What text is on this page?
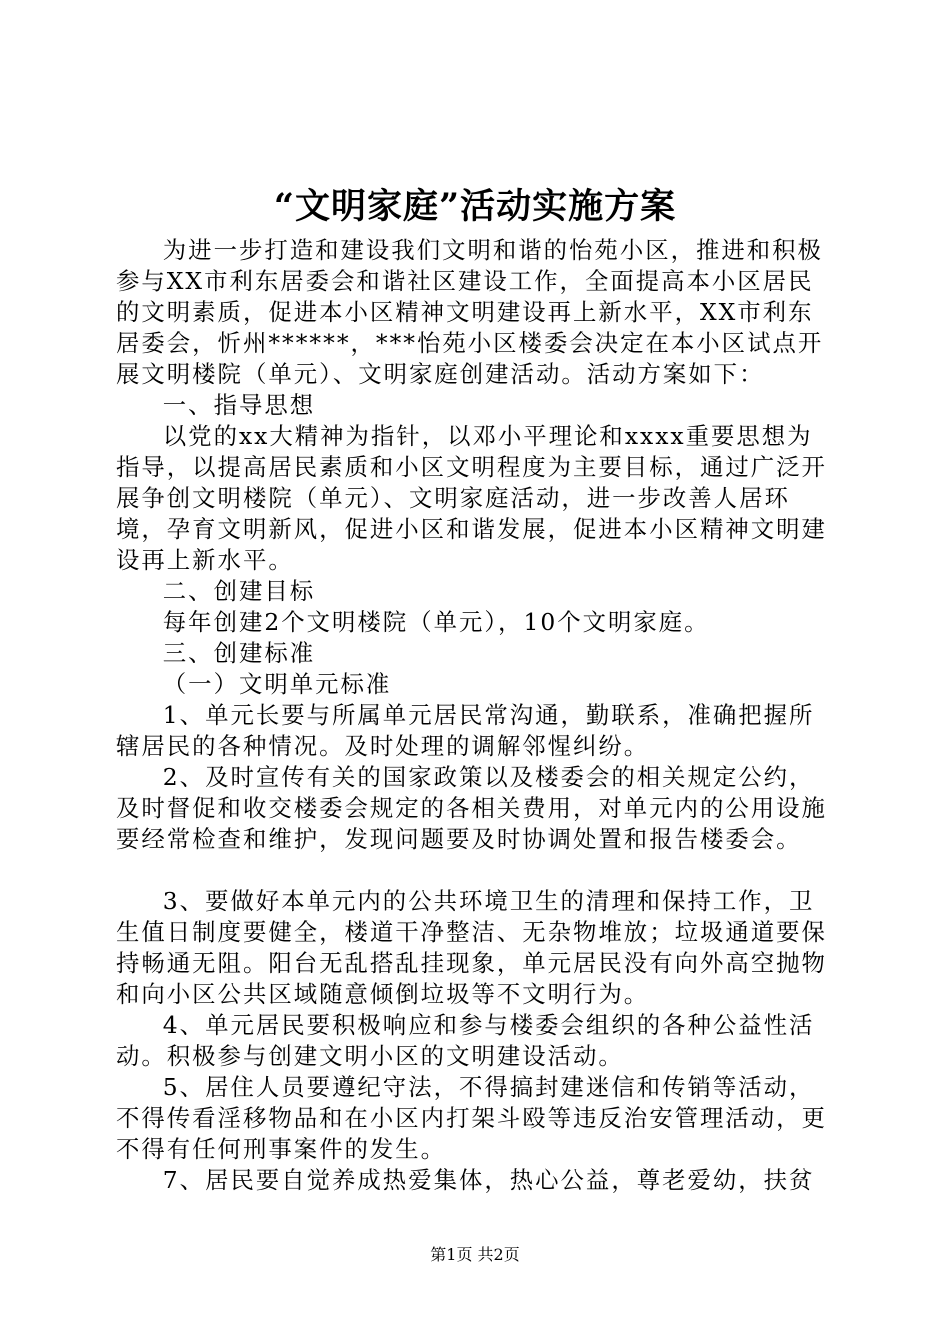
“文明家庭”活动实施方案

为进一步打造和建设我们文明和谐的怡苑小区，推进和积极参与XX市利东居委会和谐社区建设工作，全面提高本小区居民的文明素质，促进本小区精神文明建设再上新水平，XX市利东居委会，忻州******，***怡苑小区楼委会决定在本小区试点开展文明楼院（单元）、文明家庭创建活动。活动方案如下：

一、指导思想

以党的xx大精神为指针，以邓小平理论和xxxx重要思想为指导，以提高居民素质和小区文明程度为主要目标，通过广泛开展争创文明楼院（单元）、文明家庭活动，进一步改善人居环境，孕育文明新风，促进小区和谐发展，促进本小区精神文明建设再上新水平。

二、创建目标

每年创建2个文明楼院（单元），10个文明家庭。

三、创建标准

（一）文明单元标准

1、单元长要与所属单元居民常沟通，勤联系，准确把握所辖居民的各种情况。及时处理的调解邻惺纠纷。

2、及时宣传有关的国家政策以及楼委会的相关规定公约，及时督促和收交楼委会规定的各相关费用，对单元内的公用设施要经常检查和维护，发现问题要及时协调处置和报告楼委会。

3、要做好本单元内的公共环境卫生的清理和保持工作，卫生值日制度要健全，楼道干净整洁、无杂物堆放；垃圾通道要保持畅通无阻。阳台无乱搭乱挂现象，单元居民没有向外高空抛物和向小区公共区域随意倾倒垃圾等不文明行为。

4、单元居民要积极响应和参与楼委会组织的各种公益性活动。积极参与创建文明小区的文明建设活动。

5、居住人员要遵纪守法，不得搞封建迷信和传销等活动，不得传看淫移物品和在小区内打架斗殴等违反治安管理活动，更不得有任何刑事案件的发生。

7、居民要自觉养成热爱集体，热心公益，尊老爱幼，扶贫

第1页 共2页
